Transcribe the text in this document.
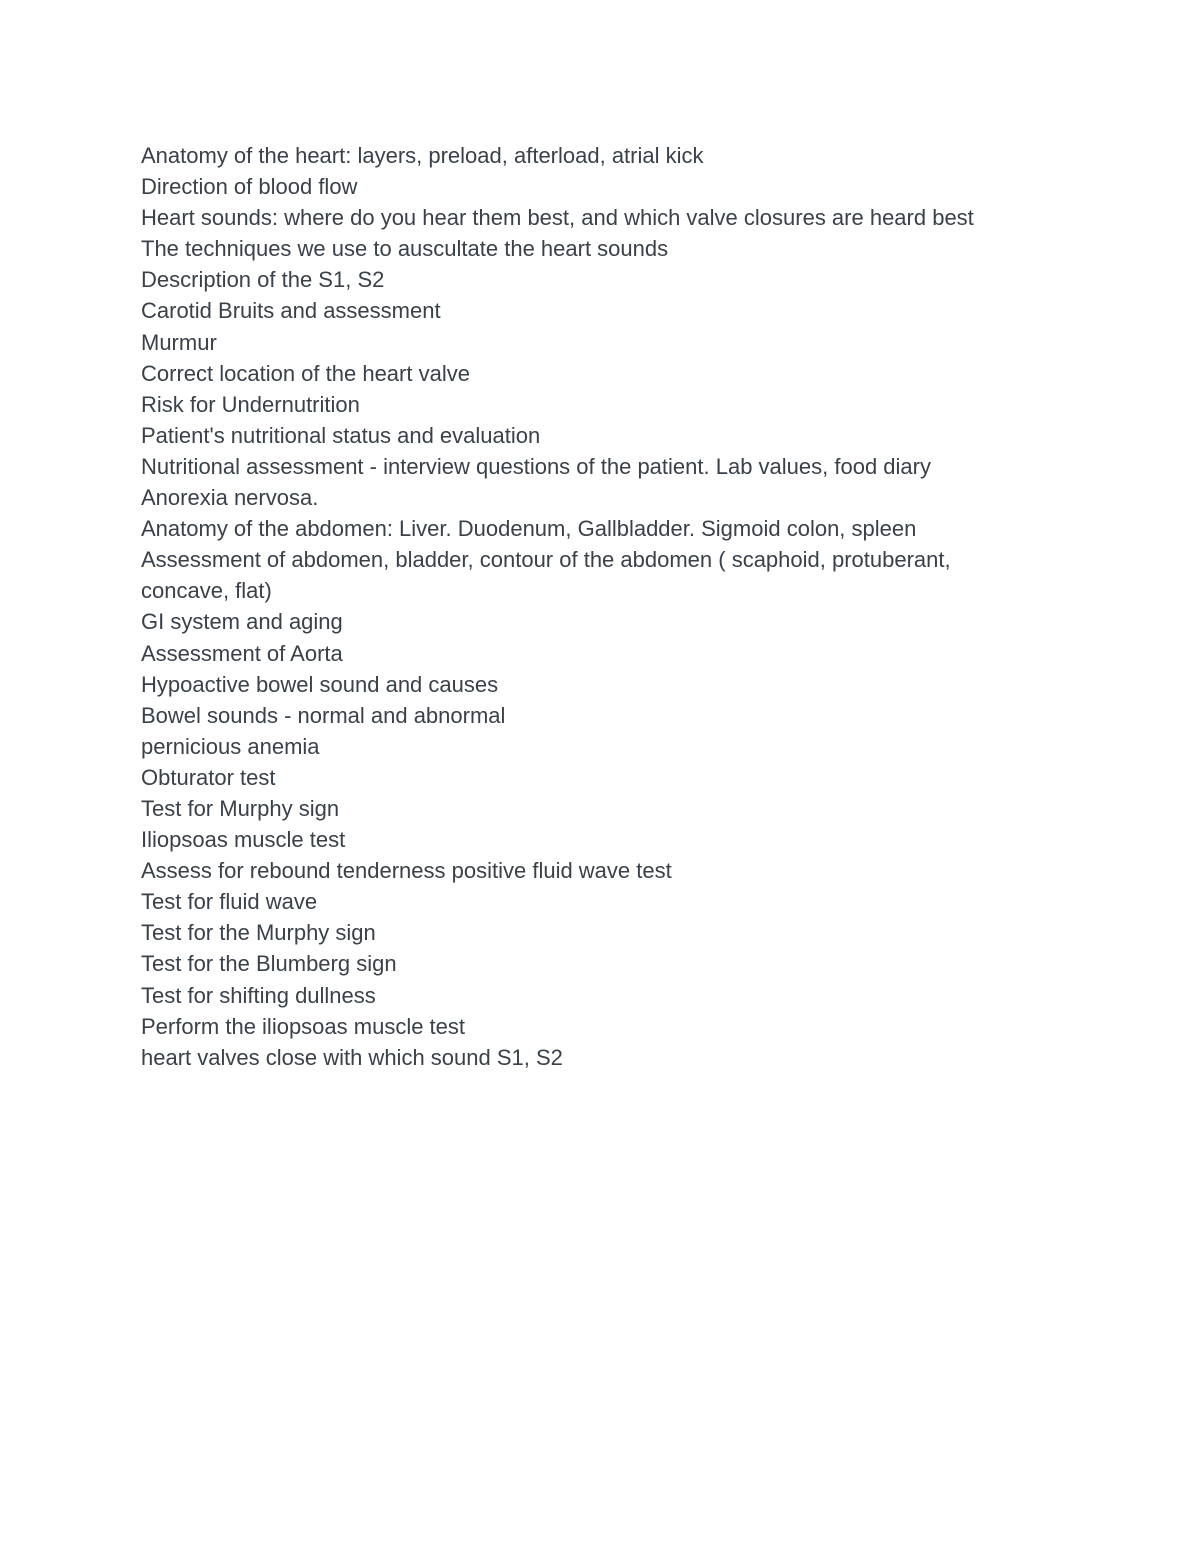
Anatomy of the heart: layers, preload, afterload, atrial kick
Direction of blood flow
Heart sounds: where do you hear them best, and which valve closures are heard best
The techniques we use to auscultate the heart sounds
Description of the S1, S2
Carotid Bruits and assessment
Murmur
Correct location of the heart valve
Risk for Undernutrition
Patient's nutritional status and evaluation
Nutritional assessment - interview questions of the patient. Lab values, food diary
Anorexia nervosa.
Anatomy of the abdomen: Liver. Duodenum, Gallbladder. Sigmoid colon, spleen
Assessment of abdomen, bladder, contour of the abdomen ( scaphoid, protuberant,
concave, flat)
GI system and aging
Assessment of Aorta
Hypoactive bowel sound and causes
Bowel sounds - normal and abnormal
pernicious anemia
Obturator test
Test for Murphy sign
Iliopsoas muscle test
Assess for rebound tenderness positive fluid wave test
Test for fluid wave
Test for the Murphy sign
Test for the Blumberg sign
Test for shifting dullness
Perform the iliopsoas muscle test
heart valves close with which sound S1, S2
